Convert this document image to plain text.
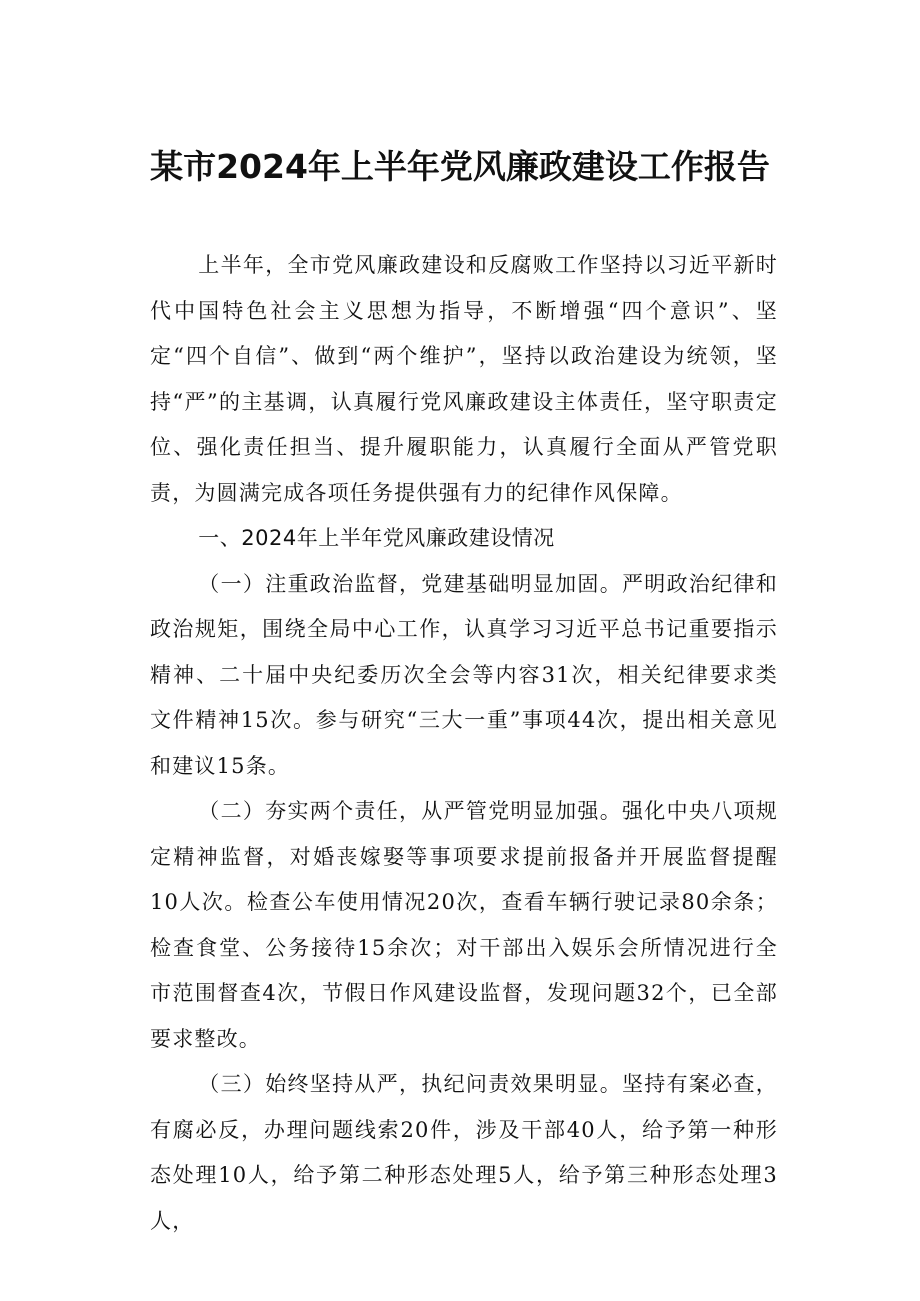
某市2024年上半年党风廉政建设工作报告

上半年，全市党风廉政建设和反腐败工作坚持以习近平新时代中国特色社会主义思想为指导，不断增强“四个意识”、坚定“四个自信”、做到“两个维护”，坚持以政治建设为统领，坚持“严”的主基调，认真履行党风廉政建设主体责任，坚守职责定位、强化责任担当、提升履职能力，认真履行全面从严管党职责，为圆满完成各项任务提供强有力的纪律作风保障。

一、2024年上半年党风廉政建设情况

（一）注重政治监督，党建基础明显加固。严明政治纪律和政治规矩，围绕全局中心工作，认真学习习近平总书记重要指示精神、二十届中央纪委历次全会等内容31次，相关纪律要求类文件精神15次。参与研究“三大一重”事项44次，提出相关意见和建议15条。

（二）夯实两个责任，从严管党明显加强。强化中央八项规定精神监督，对婚丧嫁娶等事项要求提前报备并开展监督提醒10人次。检查公车使用情况20次，查看车辆行驶记录80余条；检查食堂、公务接待15余次；对干部出入娱乐会所情况进行全市范围督查4次，节假日作风建设监督，发现问题32个，已全部要求整改。

（三）始终坚持从严，执纪问责效果明显。坚持有案必查，有腐必反，办理问题线索20件，涉及干部40人，给予第一种形态处理10人，给予第二种形态处理5人，给予第三种形态处理3人，
